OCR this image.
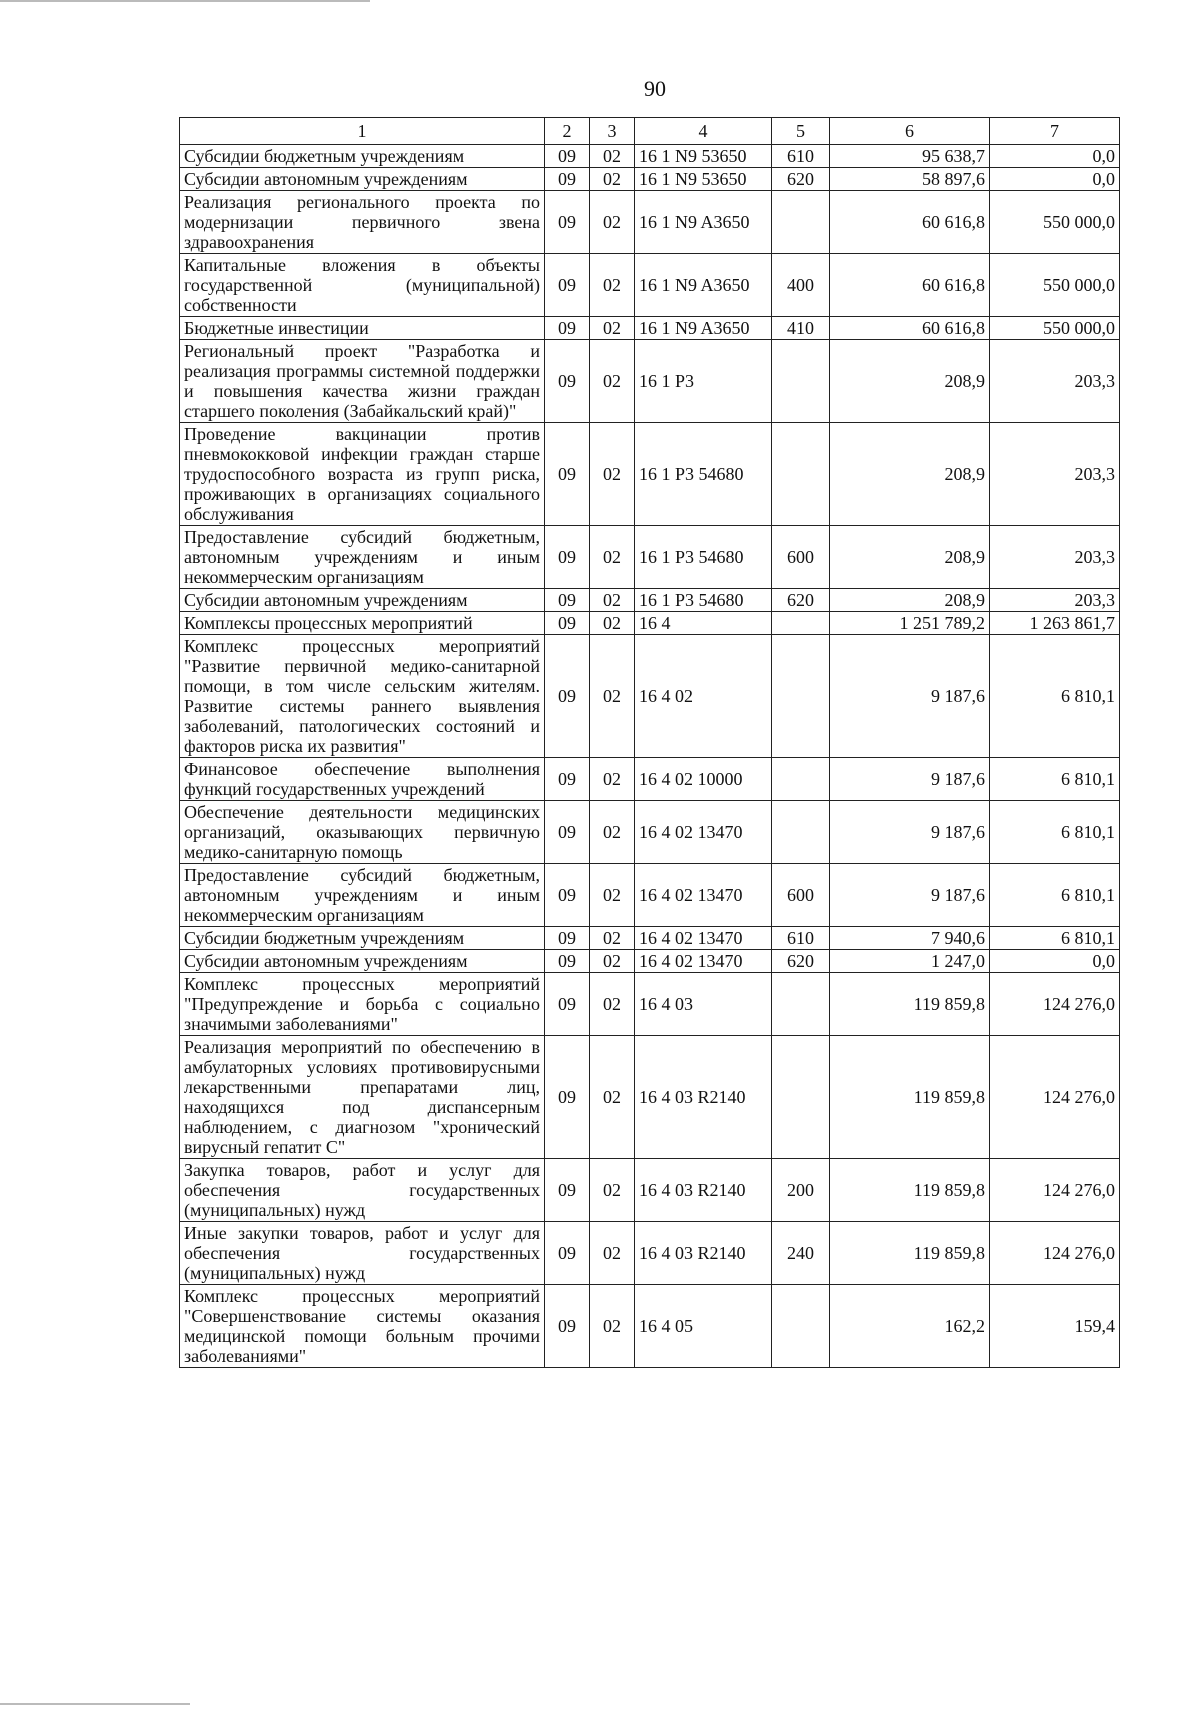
90
1	2	3	4	5	6	7
Субсидии бюджетным учреждениям	09	02	16 1 N9 53650	610	95 638,7	0,0
Субсидии автономным учреждениям	09	02	16 1 N9 53650	620	58 897,6	0,0
Реализация регионального проекта по модернизации первичного звена здравоохранения	09	02	16 1 N9 A3650		60 616,8	550 000,0
Капитальные вложения в объекты государственной (муниципальной) собственности	09	02	16 1 N9 A3650	400	60 616,8	550 000,0
Бюджетные инвестиции	09	02	16 1 N9 A3650	410	60 616,8	550 000,0
Региональный проект "Разработка и реализация программы системной поддержки и повышения качества жизни граждан старшего поколения (Забайкальский край)"	09	02	16 1 P3		208,9	203,3
Проведение вакцинации против пневмококковой инфекции граждан старше трудоспособного возраста из групп риска, проживающих в организациях социального обслуживания	09	02	16 1 P3 54680		208,9	203,3
Предоставление субсидий бюджетным, автономным учреждениям и иным некоммерческим организациям	09	02	16 1 P3 54680	600	208,9	203,3
Субсидии автономным учреждениям	09	02	16 1 P3 54680	620	208,9	203,3
Комплексы процессных мероприятий	09	02	16 4		1 251 789,2	1 263 861,7
Комплекс процессных мероприятий "Развитие первичной медико-санитарной помощи, в том числе сельским жителям. Развитие системы раннего выявления заболеваний, патологических состояний и факторов риска их развития"	09	02	16 4 02		9 187,6	6 810,1
Финансовое обеспечение выполнения функций государственных учреждений	09	02	16 4 02 10000		9 187,6	6 810,1
Обеспечение деятельности медицинских организаций, оказывающих первичную медико-санитарную помощь	09	02	16 4 02 13470		9 187,6	6 810,1
Предоставление субсидий бюджетным, автономным учреждениям и иным некоммерческим организациям	09	02	16 4 02 13470	600	9 187,6	6 810,1
Субсидии бюджетным учреждениям	09	02	16 4 02 13470	610	7 940,6	6 810,1
Субсидии автономным учреждениям	09	02	16 4 02 13470	620	1 247,0	0,0
Комплекс процессных мероприятий "Предупреждение и борьба с социально значимыми заболеваниями"	09	02	16 4 03		119 859,8	124 276,0
Реализация мероприятий по обеспечению в амбулаторных условиях противовирусными лекарственными препаратами лиц, находящихся под диспансерным наблюдением, с диагнозом "хронический вирусный гепатит С"	09	02	16 4 03 R2140		119 859,8	124 276,0
Закупка товаров, работ и услуг для обеспечения государственных (муниципальных) нужд	09	02	16 4 03 R2140	200	119 859,8	124 276,0
Иные закупки товаров, работ и услуг для обеспечения государственных (муниципальных) нужд	09	02	16 4 03 R2140	240	119 859,8	124 276,0
Комплекс процессных мероприятий "Совершенствование системы оказания медицинской помощи больным прочими заболеваниями"	09	02	16 4 05		162,2	159,4
